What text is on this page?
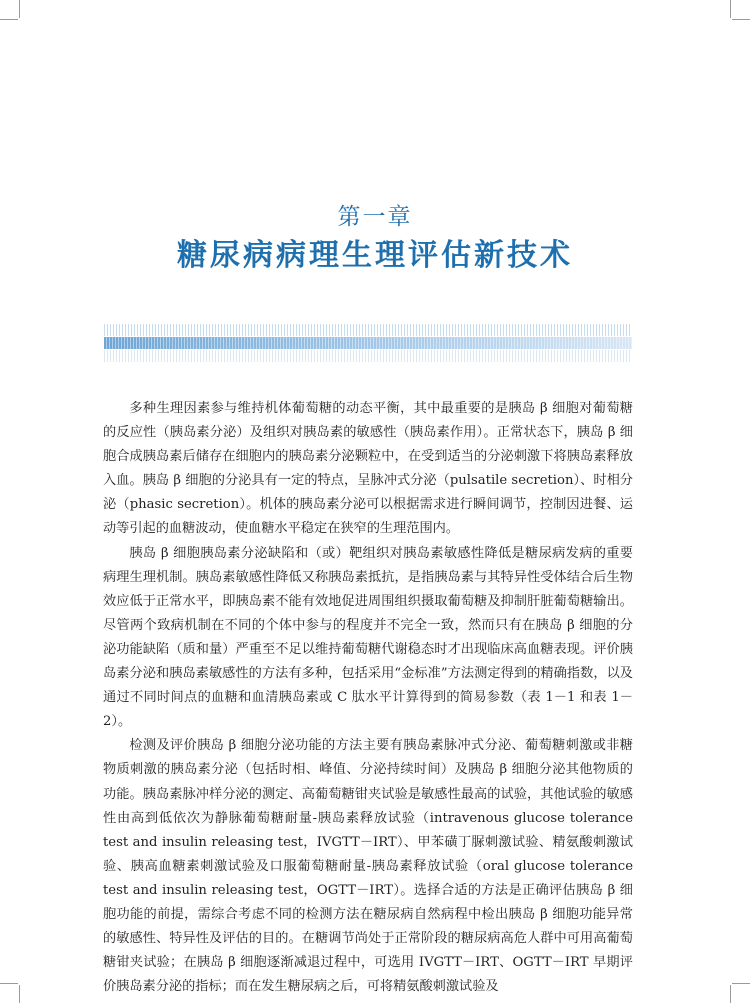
第一章
糖尿病病理生理评估新技术

多种生理因素参与维持机体葡萄糖的动态平衡，其中最重要的是胰岛 β 细胞对葡萄糖的反应性（胰岛素分泌）及组织对胰岛素的敏感性（胰岛素作用）。正常状态下，胰岛 β 细胞合成胰岛素后储存在细胞内的胰岛素分泌颗粒中，在受到适当的分泌刺激下将胰岛素释放入血。胰岛 β 细胞的分泌具有一定的特点，呈脉冲式分泌（pulsatile secretion）、时相分泌（phasic secretion）。机体的胰岛素分泌可以根据需求进行瞬间调节，控制因进餐、运动等引起的血糖波动，使血糖水平稳定在狭窄的生理范围内。

胰岛 β 细胞胰岛素分泌缺陷和（或）靶组织对胰岛素敏感性降低是糖尿病发病的重要病理生理机制。胰岛素敏感性降低又称胰岛素抵抗，是指胰岛素与其特异性受体结合后生物效应低于正常水平，即胰岛素不能有效地促进周围组织摄取葡萄糖及抑制肝脏葡萄糖输出。尽管两个致病机制在不同的个体中参与的程度并不完全一致，然而只有在胰岛 β 细胞的分泌功能缺陷（质和量）严重至不足以维持葡萄糖代谢稳态时才出现临床高血糖表现。评价胰岛素分泌和胰岛素敏感性的方法有多种，包括采用“金标准”方法测定得到的精确指数，以及通过不同时间点的血糖和血清胰岛素或 C 肽水平计算得到的简易参数（表 1－1 和表 1－2）。

检测及评价胰岛 β 细胞分泌功能的方法主要有胰岛素脉冲式分泌、葡萄糖刺激或非糖物质刺激的胰岛素分泌（包括时相、峰值、分泌持续时间）及胰岛 β 细胞分泌其他物质的功能。胰岛素脉冲样分泌的测定、高葡萄糖钳夹试验是敏感性最高的试验，其他试验的敏感性由高到低依次为静脉葡萄糖耐量-胰岛素释放试验（intravenous glucose tolerance test and insulin releasing test，IVGTT－IRT）、甲苯磺丁脲刺激试验、精氨酸刺激试验、胰高血糖素刺激试验及口服葡萄糖耐量-胰岛素释放试验（oral glucose tolerance test and insulin releasing test，OGTT－IRT）。选择合适的方法是正确评估胰岛 β 细胞功能的前提，需综合考虑不同的检测方法在糖尿病自然病程中检出胰岛 β 细胞功能异常的敏感性、特异性及评估的目的。在糖调节尚处于正常阶段的糖尿病高危人群中可用高葡萄糖钳夹试验；在胰岛 β 细胞逐渐减退过程中，可选用 IVGTT－IRT、OGTT－IRT 早期评价胰岛素分泌的指标；而在发生糖尿病之后，可将精氨酸刺激试验及
